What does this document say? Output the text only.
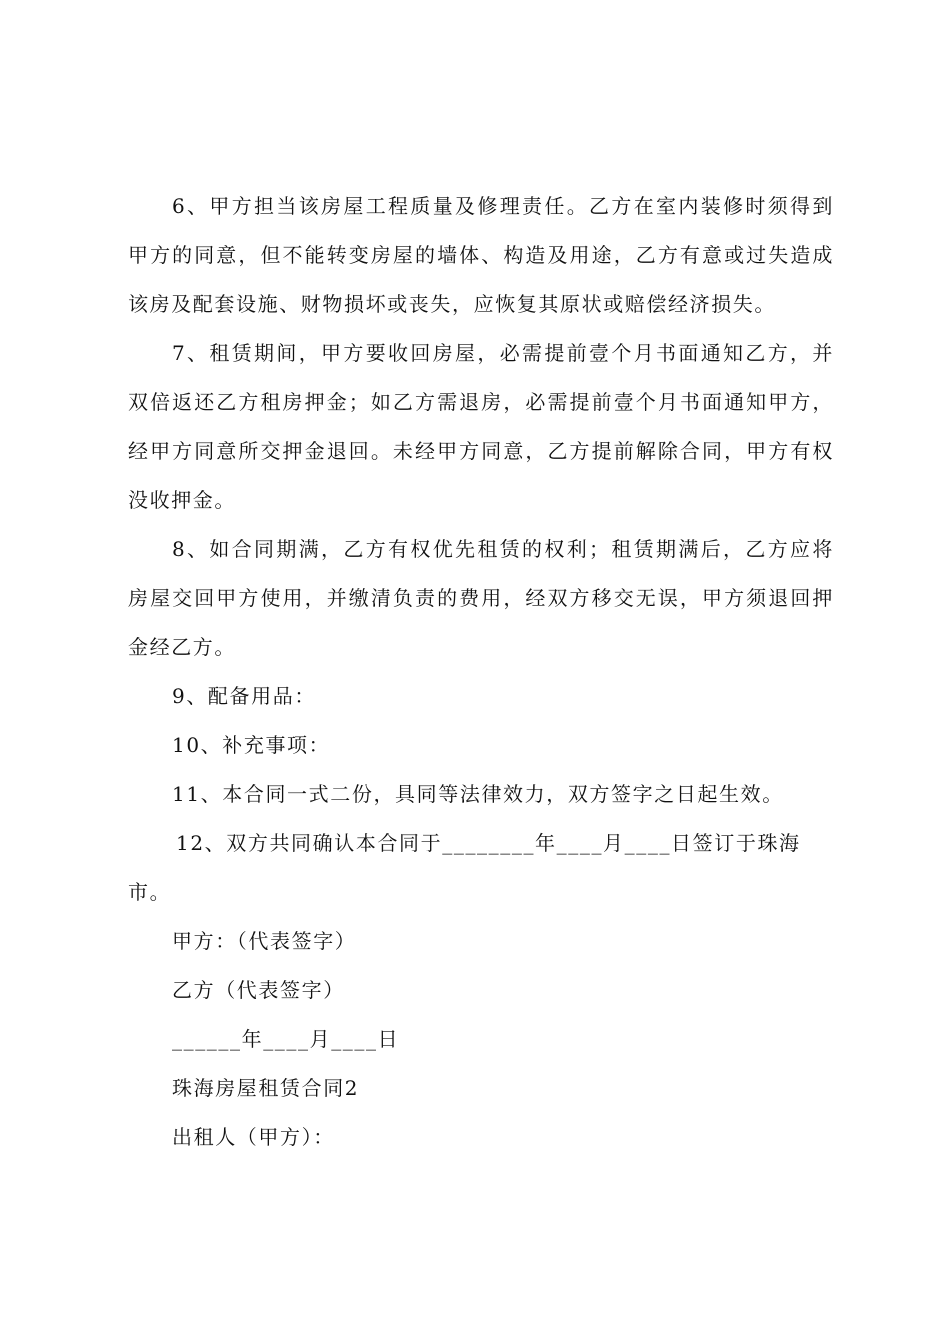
6、甲方担当该房屋工程质量及修理责任。乙方在室内装修时须得到甲方的同意，但不能转变房屋的墙体、构造及用途，乙方有意或过失造成该房及配套设施、财物损坏或丧失，应恢复其原状或赔偿经济损失。

7、租赁期间，甲方要收回房屋，必需提前壹个月书面通知乙方，并双倍返还乙方租房押金；如乙方需退房，必需提前壹个月书面通知甲方，经甲方同意所交押金退回。未经甲方同意，乙方提前解除合同，甲方有权没收押金。

8、如合同期满，乙方有权优先租赁的权利；租赁期满后，乙方应将房屋交回甲方使用，并缴清负责的费用，经双方移交无误，甲方须退回押金经乙方。

9、配备用品：

10、补充事项：

11、本合同一式二份，具同等法律效力，双方签字之日起生效。

12、双方共同确认本合同于________年____月____日签订于珠海市。

甲方：（代表签字）

乙方（代表签字）

______年____月____日

珠海房屋租赁合同2

出租人（甲方）：
